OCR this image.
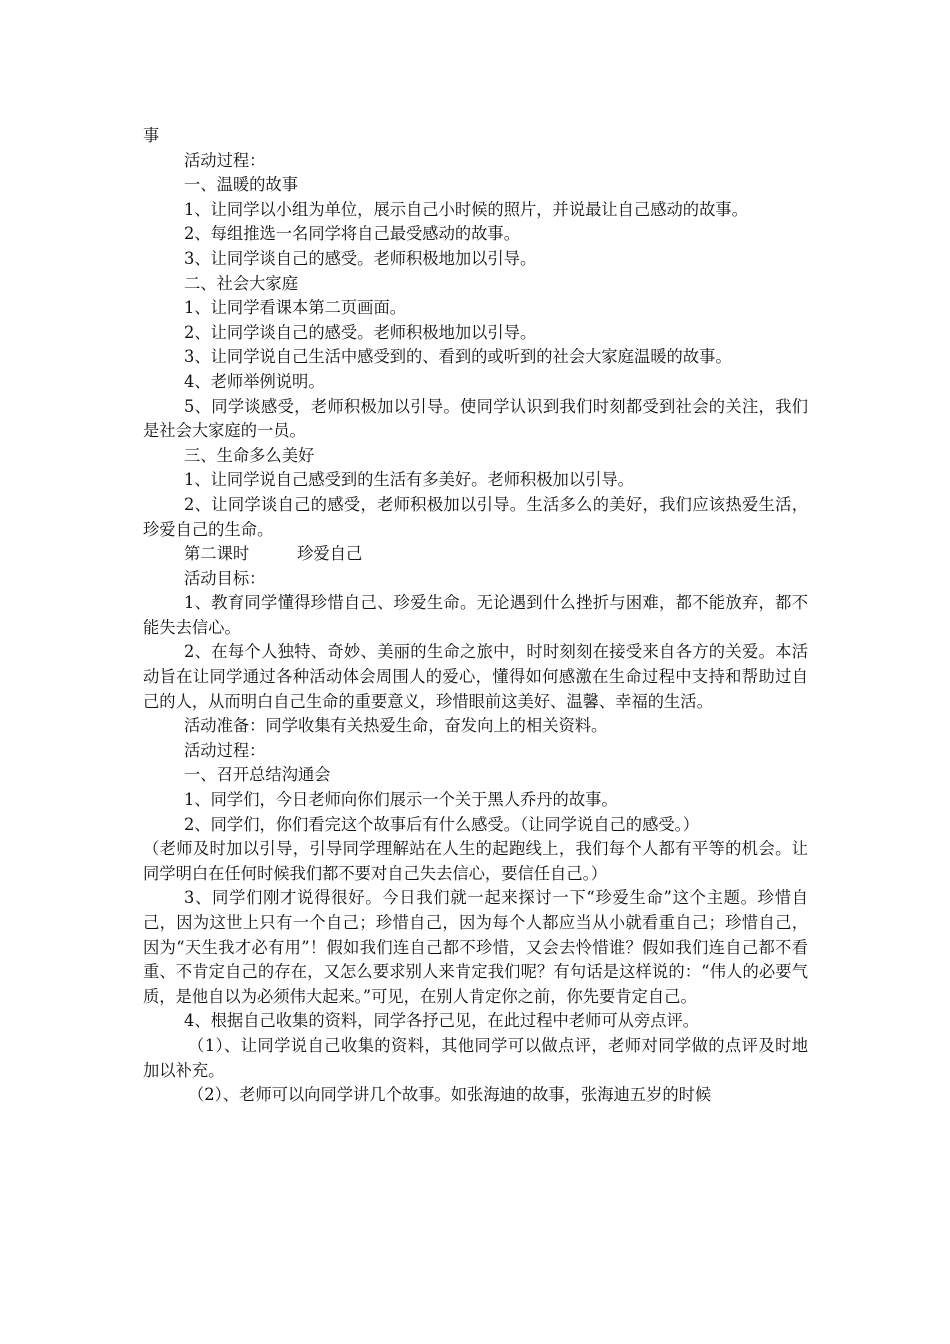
事

活动过程：

一、温暖的故事

1、让同学以小组为单位，展示自己小时候的照片，并说最让自己感动的故事。

2、每组推选一名同学将自己最受感动的故事。

3、让同学谈自己的感受。老师积极地加以引导。

二、社会大家庭

1、让同学看课本第二页画面。

2、让同学谈自己的感受。老师积极地加以引导。

3、让同学说自己生活中感受到的、看到的或听到的社会大家庭温暖的故事。

4、老师举例说明。

5、同学谈感受，老师积极加以引导。使同学认识到我们时刻都受到社会的关注，我们是社会大家庭的一员。

三、生命多么美好

1、让同学说自己感受到的生活有多美好。老师积极加以引导。

2、让同学谈自己的感受，老师积极加以引导。生活多么的美好，我们应该热爱生活，珍爱自己的生命。

第二课时	珍爱自己

活动目标：

1、教育同学懂得珍惜自己、珍爱生命。无论遇到什么挫折与困难，都不能放弃，都不能失去信心。

2、在每个人独特、奇妙、美丽的生命之旅中，时时刻刻在接受来自各方的关爱。本活动旨在让同学通过各种活动体会周围人的爱心，懂得如何感激在生命过程中支持和帮助过自己的人，从而明白自己生命的重要意义，珍惜眼前这美好、温馨、幸福的生活。

活动准备：同学收集有关热爱生命，奋发向上的相关资料。

活动过程：

一、召开总结沟通会

1、同学们，今日老师向你们展示一个关于黑人乔丹的故事。

2、同学们，你们看完这个故事后有什么感受。（让同学说自己的感受。）

（老师及时加以引导，引导同学理解站在人生的起跑线上，我们每个人都有平等的机会。让同学明白在任何时候我们都不要对自己失去信心，要信任自己。）

3、同学们刚才说得很好。今日我们就一起来探讨一下“珍爱生命”这个主题。珍惜自己，因为这世上只有一个自己；珍惜自己，因为每个人都应当从小就看重自己；珍惜自己，因为“天生我才必有用”！假如我们连自己都不珍惜，又会去怜惜谁？假如我们连自己都不看重、不肯定自己的存在，又怎么要求别人来肯定我们呢？有句话是这样说的：“伟人的必要气质，是他自以为必须伟大起来。”可见，在别人肯定你之前，你先要肯定自己。

4、根据自己收集的资料，同学各抒己见，在此过程中老师可从旁点评。

（1）、让同学说自己收集的资料，其他同学可以做点评，老师对同学做的点评及时地加以补充。

（2）、老师可以向同学讲几个故事。如张海迪的故事，张海迪五岁的时候
